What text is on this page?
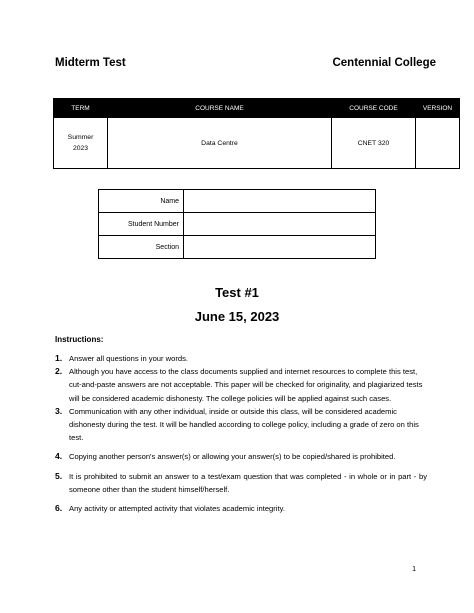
Midterm Test	Centennial College
TERM	COURSE NAME	COURSE CODE	VERSION

Summer
2023	Data Centre	CNET 320	
Name	
Student Number	
Section	
Test #1
June 15, 2023
Instructions:
1. Answer all questions in your words.
2. Although you have access to the class documents supplied and internet resources to complete this test, cut-and-paste answers are not acceptable. This paper will be checked for originality, and plagiarized tests will be considered academic dishonesty. The college policies will be applied against such cases.
3. Communication with any other individual, inside or outside this class, will be considered academic dishonesty during the test. It will be handled according to college policy, including a grade of zero on this test.
4. Copying another person's answer(s) or allowing your answer(s) to be copied/shared is prohibited.
5. It is prohibited to submit an answer to a test/exam question that was completed - in whole or in part - by someone other than the student himself/herself.
6. Any activity or attempted activity that violates academic integrity.
1
